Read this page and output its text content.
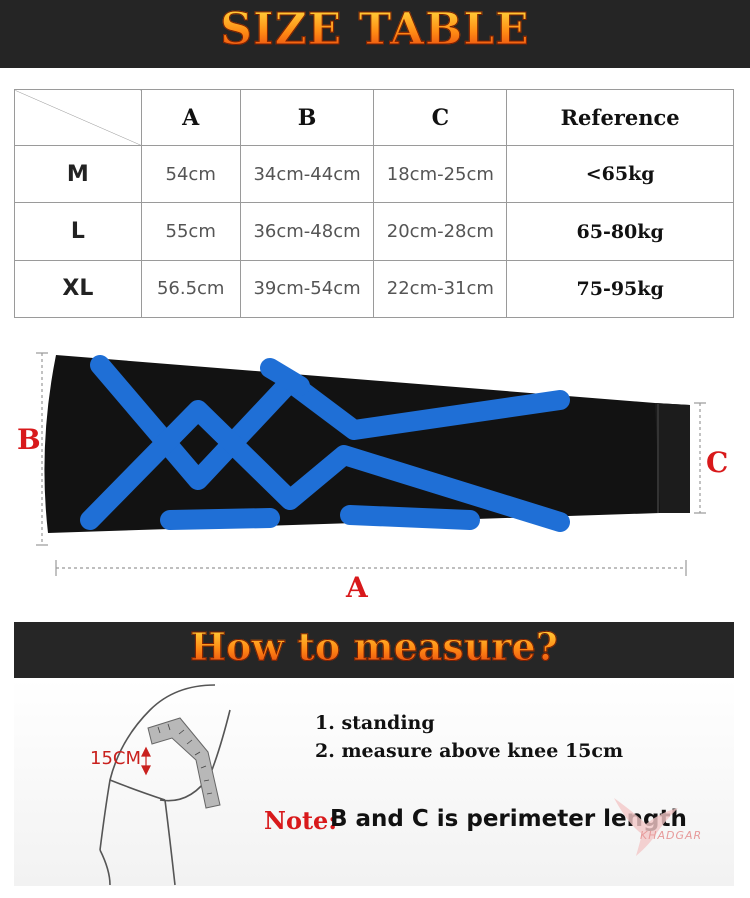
SIZE TABLE
	A	B	C	Reference
M	54cm	34cm-44cm	18cm-25cm	<65kg
L	55cm	36cm-48cm	20cm-28cm	65-80kg
XL	56.5cm	39cm-54cm	22cm-31cm	75-95kg
B
C
A
How to measure?
15CM
1. standing
2. measure above knee 15cm
Note:
B and C is perimeter length
KHADGAR
